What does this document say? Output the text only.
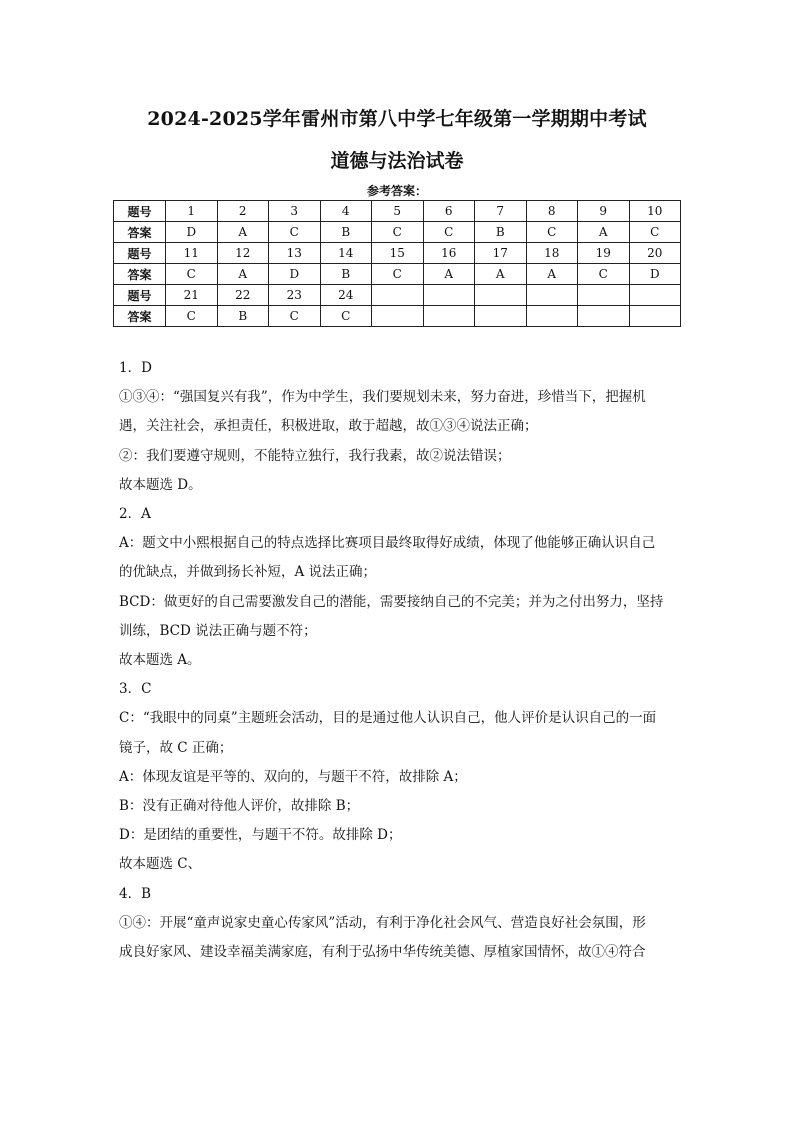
2024-2025学年雷州市第八中学七年级第一学期期中考试
道德与法治试卷
参考答案：
题号	1	2	3	4	5	6	7	8	9	10
答案	D	A	C	B	C	C	B	C	A	C
题号	11	12	13	14	15	16	17	18	19	20
答案	C	A	D	B	C	A	A	A	C	D
题号	21	22	23	24						
答案	C	B	C	C						

1．D

①③④：“强国复兴有我”，作为中学生，我们要规划未来，努力奋进，珍惜当下，把握机

遇，关注社会，承担责任，积极进取，敢于超越，故①③④说法正确；

②：我们要遵守规则，不能特立独行，我行我素，故②说法错误；

故本题选 D。

2．A

A：题文中小熙根据自己的特点选择比赛项目最终取得好成绩，体现了他能够正确认识自己

的优缺点，并做到扬长补短，A 说法正确；

BCD：做更好的自己需要激发自己的潜能，需要接纳自己的不完美；并为之付出努力，坚持

训练，BCD 说法正确与题不符；

故本题选 A。

3．C

C：“我眼中的同桌”主题班会活动，目的是通过他人认识自己，他人评价是认识自己的一面

镜子，故 C 正确；

A：体现友谊是平等的、双向的，与题干不符，故排除 A；

B：没有正确对待他人评价，故排除 B；

D：是团结的重要性，与题干不符。故排除 D；

故本题选 C、

4．B

①④：开展“童声说家史童心传家风”活动，有利于净化社会风气、营造良好社会氛围，形

成良好家风、建设幸福美满家庭，有利于弘扬中华传统美德、厚植家国情怀，故①④符合
